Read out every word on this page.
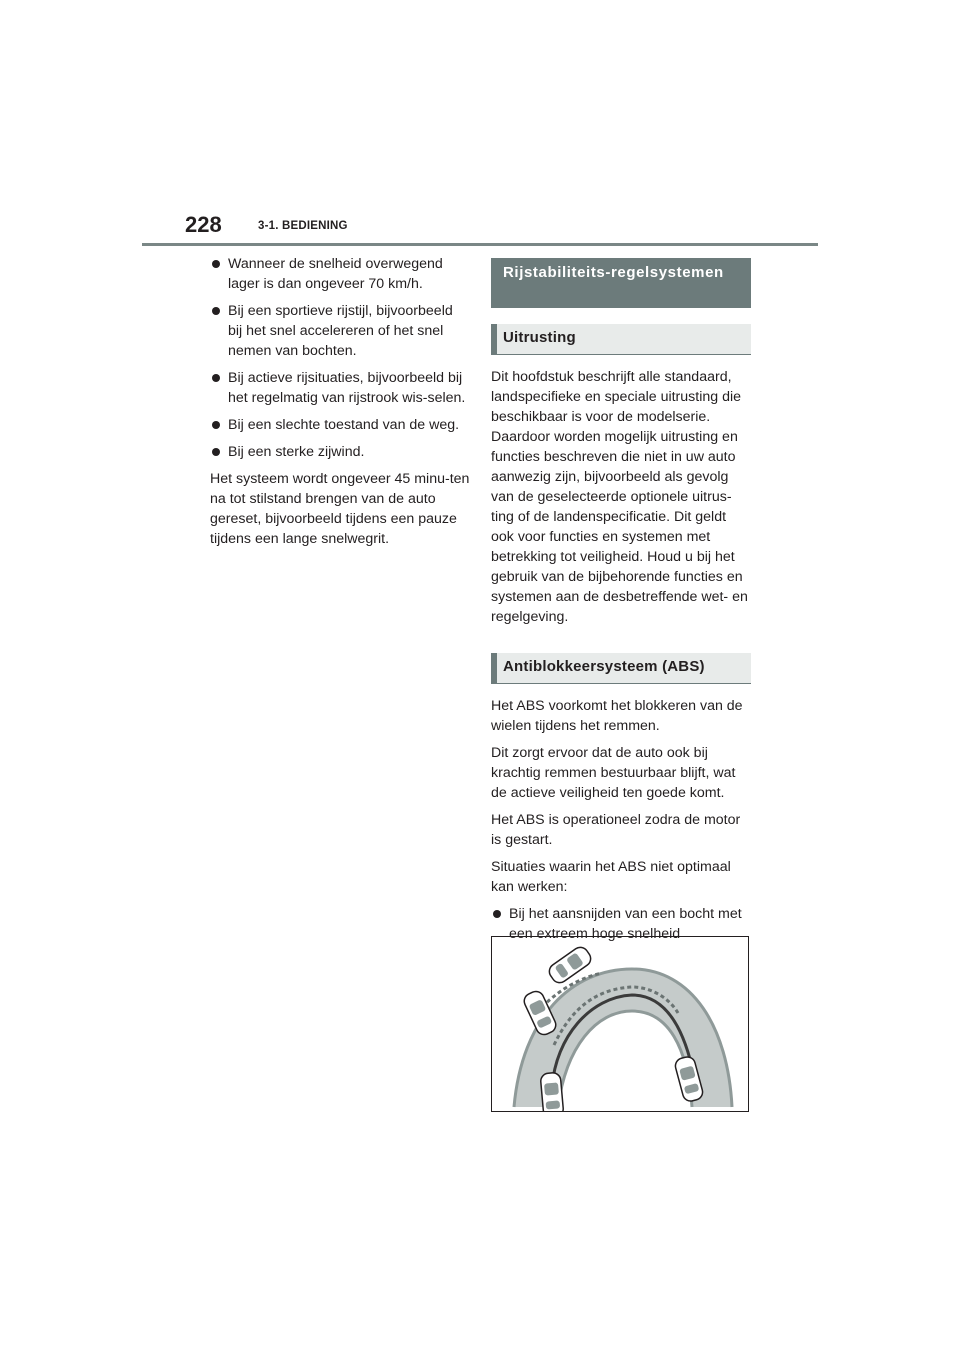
228	3-1. BEDIENING
Wanneer de snelheid overwegend lager is dan ongeveer 70 km/h.
Bij een sportieve rijstijl, bijvoorbeeld bij het snel accelereren of het snel nemen van bochten.
Bij actieve rijsituaties, bijvoorbeeld bij het regelmatig van rijstrook wis-selen.
Bij een slechte toestand van de weg.
Bij een sterke zijwind.

Het systeem wordt ongeveer 45 minu-ten na tot stilstand brengen van de auto gereset, bijvoorbeeld tijdens een pauze tijdens een lange snelwegrit.

Rijstabiliteits-regelsystemen
Uitrusting

Dit hoofdstuk beschrijft alle standaard, landspecifieke en speciale uitrusting die beschikbaar is voor de modelserie. Daardoor worden mogelijk uitrusting en functies beschreven die niet in uw auto aanwezig zijn, bijvoorbeeld als gevolg van de geselecteerde optionele uitrus-ting of de landenspecificatie. Dit geldt ook voor functies en systemen met betrekking tot veiligheid. Houd u bij het gebruik van de bijbehorende functies en systemen aan de desbetreffende wet- en regelgeving.

Antiblokkeersysteem (ABS)

Het ABS voorkomt het blokkeren van de wielen tijdens het remmen.

Dit zorgt ervoor dat de auto ook bij krachtig remmen bestuurbaar blijft, wat de actieve veiligheid ten goede komt.

Het ABS is operationeel zodra de motor is gestart.

Situaties waarin het ABS niet optimaal kan werken:

Bij het aansnijden van een bocht met een extreem hoge snelheid
